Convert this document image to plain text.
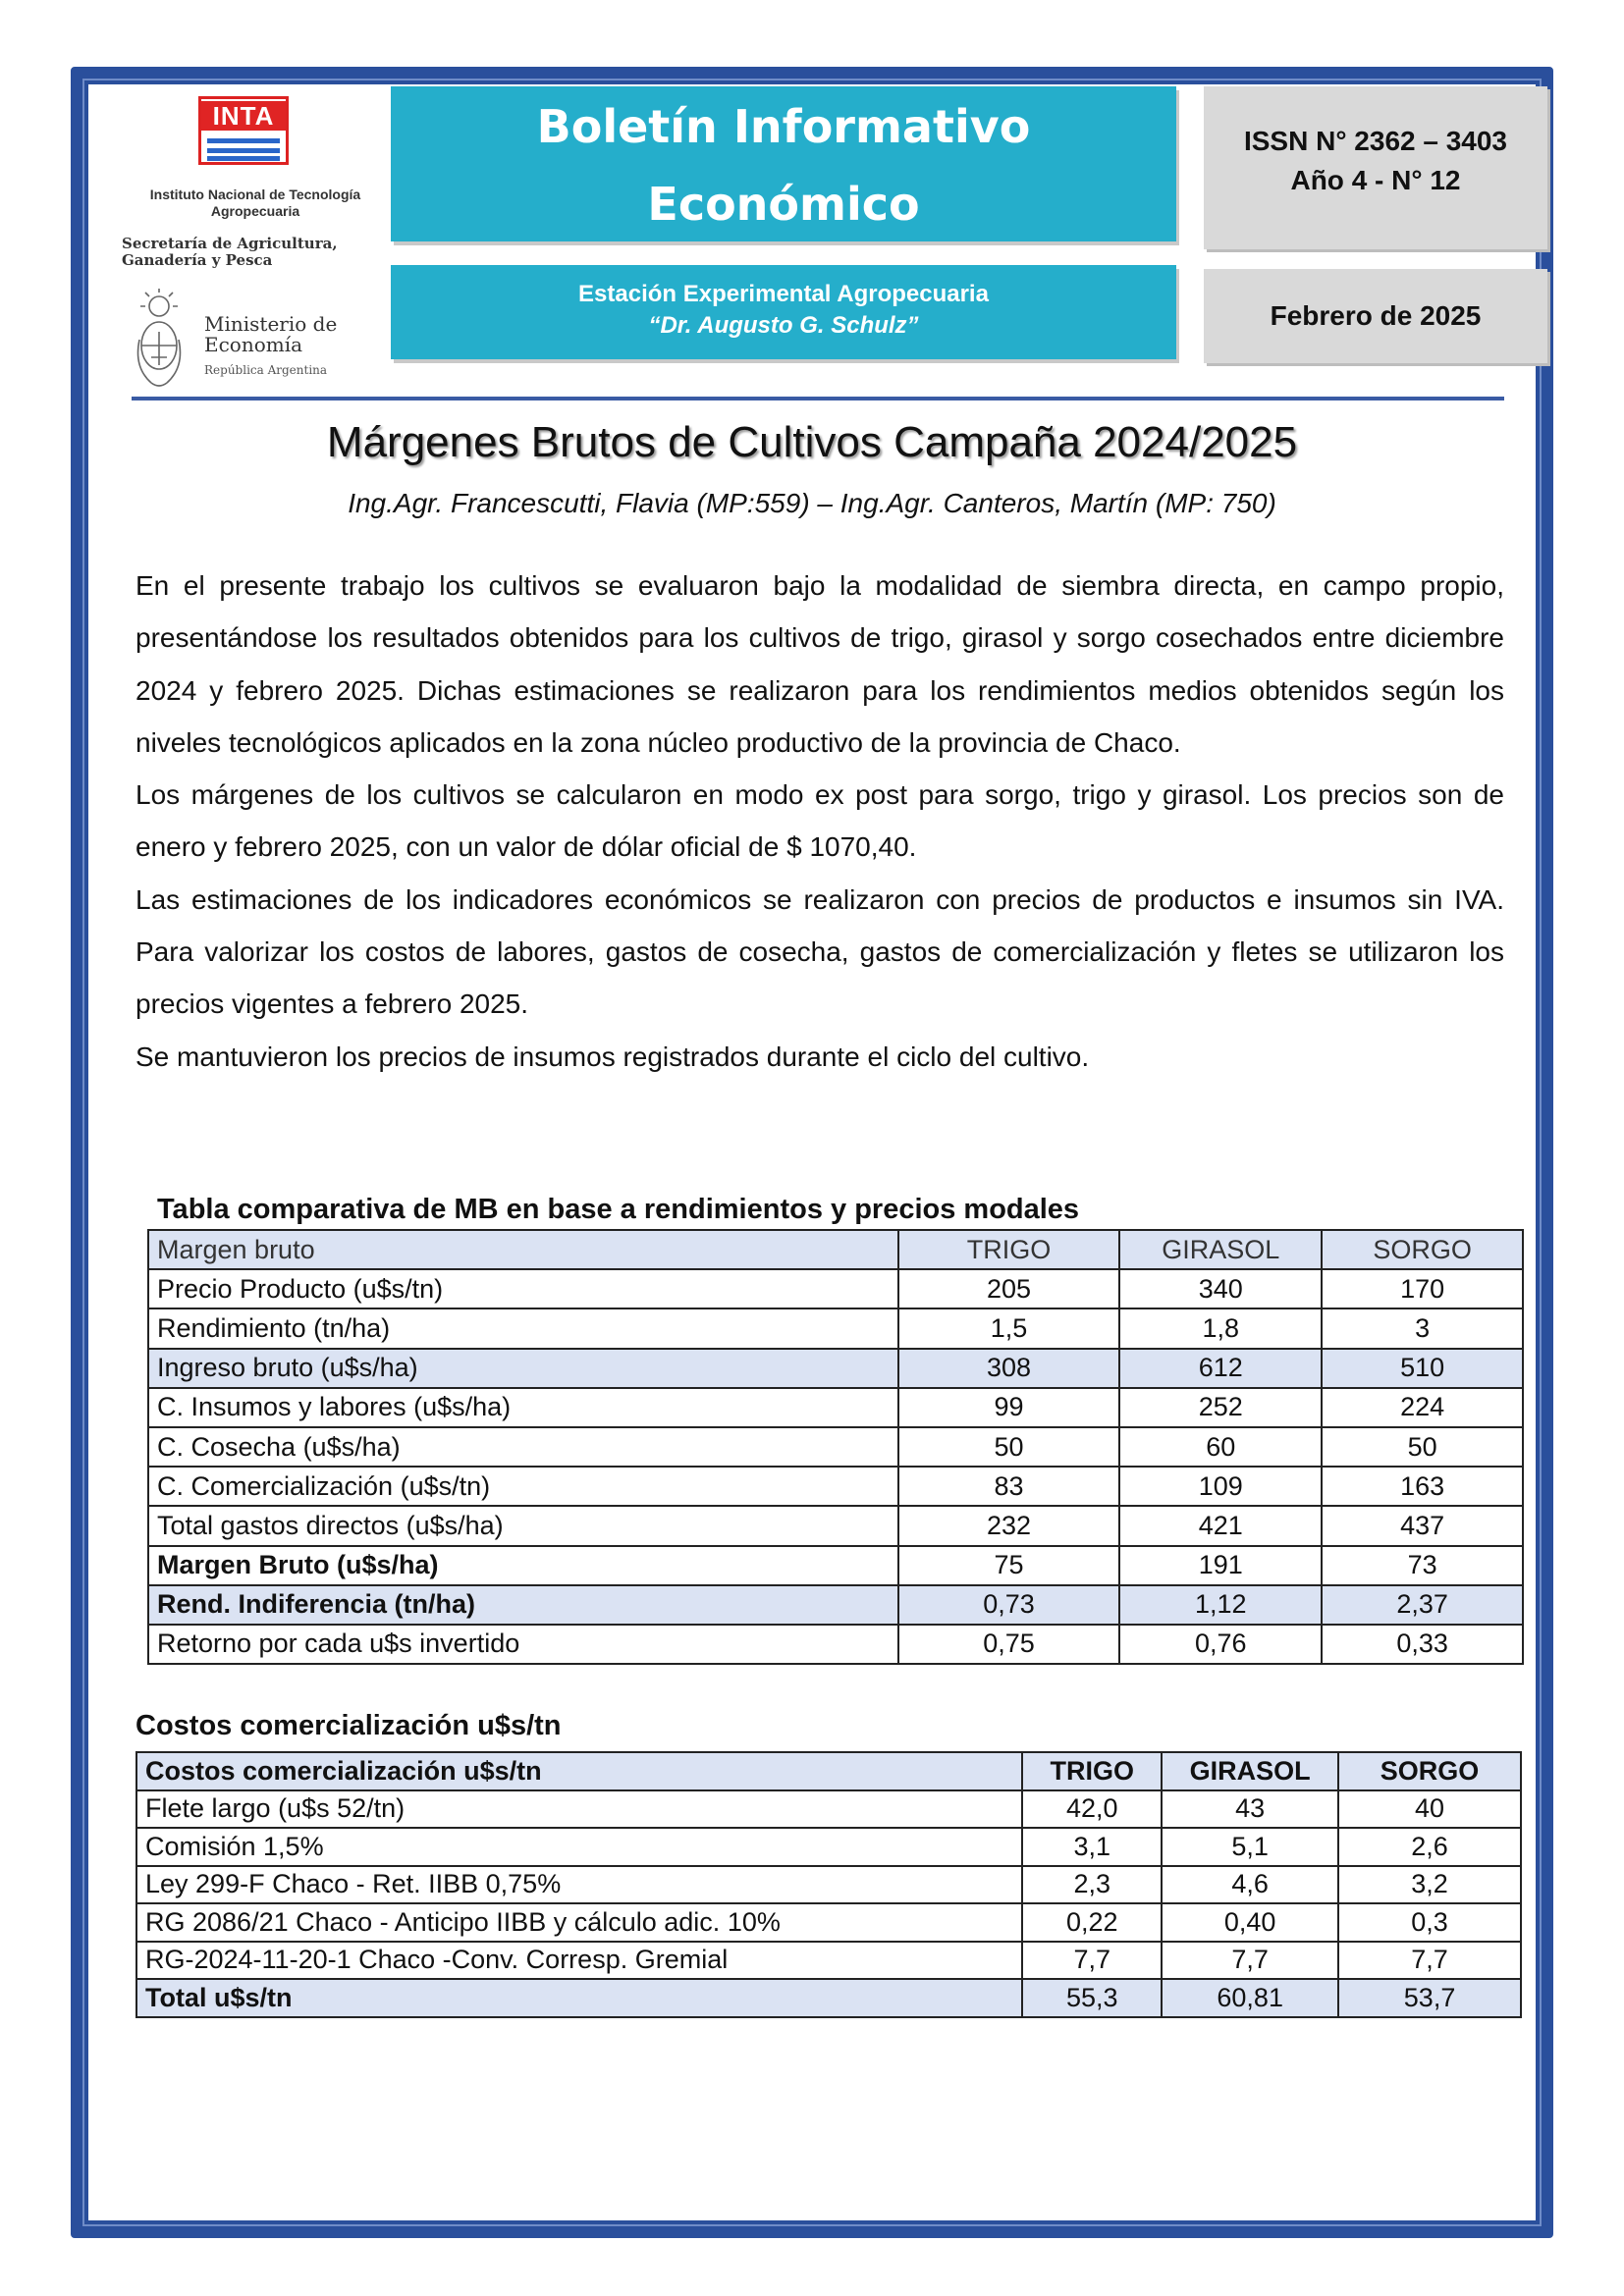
INTA
Instituto Nacional de Tecnología Agropecuaria
Secretaría de Agricultura, Ganadería y Pesca
Ministerio de Economía
República Argentina
Boletín Informativo
Económico
Estación Experimental Agropecuaria
“Dr. Augusto G. Schulz”
ISSN N° 2362 – 3403
Año 4 - N° 12
Febrero de 2025
Márgenes Brutos de Cultivos Campaña 2024/2025
Ing.Agr. Francescutti, Flavia (MP:559) – Ing.Agr. Canteros, Martín (MP: 750)

En el presente trabajo los cultivos se evaluaron bajo la modalidad de siembra directa, en campo propio, presentándose los resultados obtenidos para los cultivos de trigo, girasol y sorgo cosechados entre diciembre 2024 y febrero 2025. Dichas estimaciones se realizaron para los rendimientos medios obtenidos según los niveles tecnológicos aplicados en la zona núcleo productivo de la provincia de Chaco.

Los márgenes de los cultivos se calcularon en modo ex post para sorgo, trigo y girasol. Los precios son de enero y febrero 2025, con un valor de dólar oficial de $ 1070,40.

Las estimaciones de los indicadores económicos se realizaron con precios de productos e insumos sin IVA. Para valorizar los costos de labores, gastos de cosecha, gastos de comercialización y fletes se utilizaron los precios vigentes a febrero 2025.

Se mantuvieron los precios de insumos registrados durante el ciclo del cultivo.

Tabla comparativa de MB en base a rendimientos y precios modales
Margen bruto	TRIGO	GIRASOL	SORGO
Precio Producto (u$s/tn)	205	340	170
Rendimiento (tn/ha)	1,5	1,8	3
Ingreso bruto (u$s/ha)	308	612	510
C. Insumos y labores (u$s/ha)	99	252	224
C. Cosecha (u$s/ha)	50	60	50
C. Comercialización (u$s/tn)	83	109	163
Total gastos directos (u$s/ha)	232	421	437
Margen Bruto (u$s/ha)	75	191	73
Rend. Indiferencia (tn/ha)	0,73	1,12	2,37
Retorno por cada u$s invertido	0,75	0,76	0,33
Costos comercialización u$s/tn
Costos comercialización u$s/tn	TRIGO	GIRASOL	SORGO
Flete largo (u$s 52/tn)	42,0	43	40
Comisión 1,5%	3,1	5,1	2,6
Ley 299-F Chaco - Ret. IIBB 0,75%	2,3	4,6	3,2
RG 2086/21 Chaco - Anticipo IIBB y cálculo adic. 10%	0,22	0,40	0,3
RG-2024-11-20-1 Chaco -Conv. Corresp. Gremial	7,7	7,7	7,7
Total u$s/tn	55,3	60,81	53,7
